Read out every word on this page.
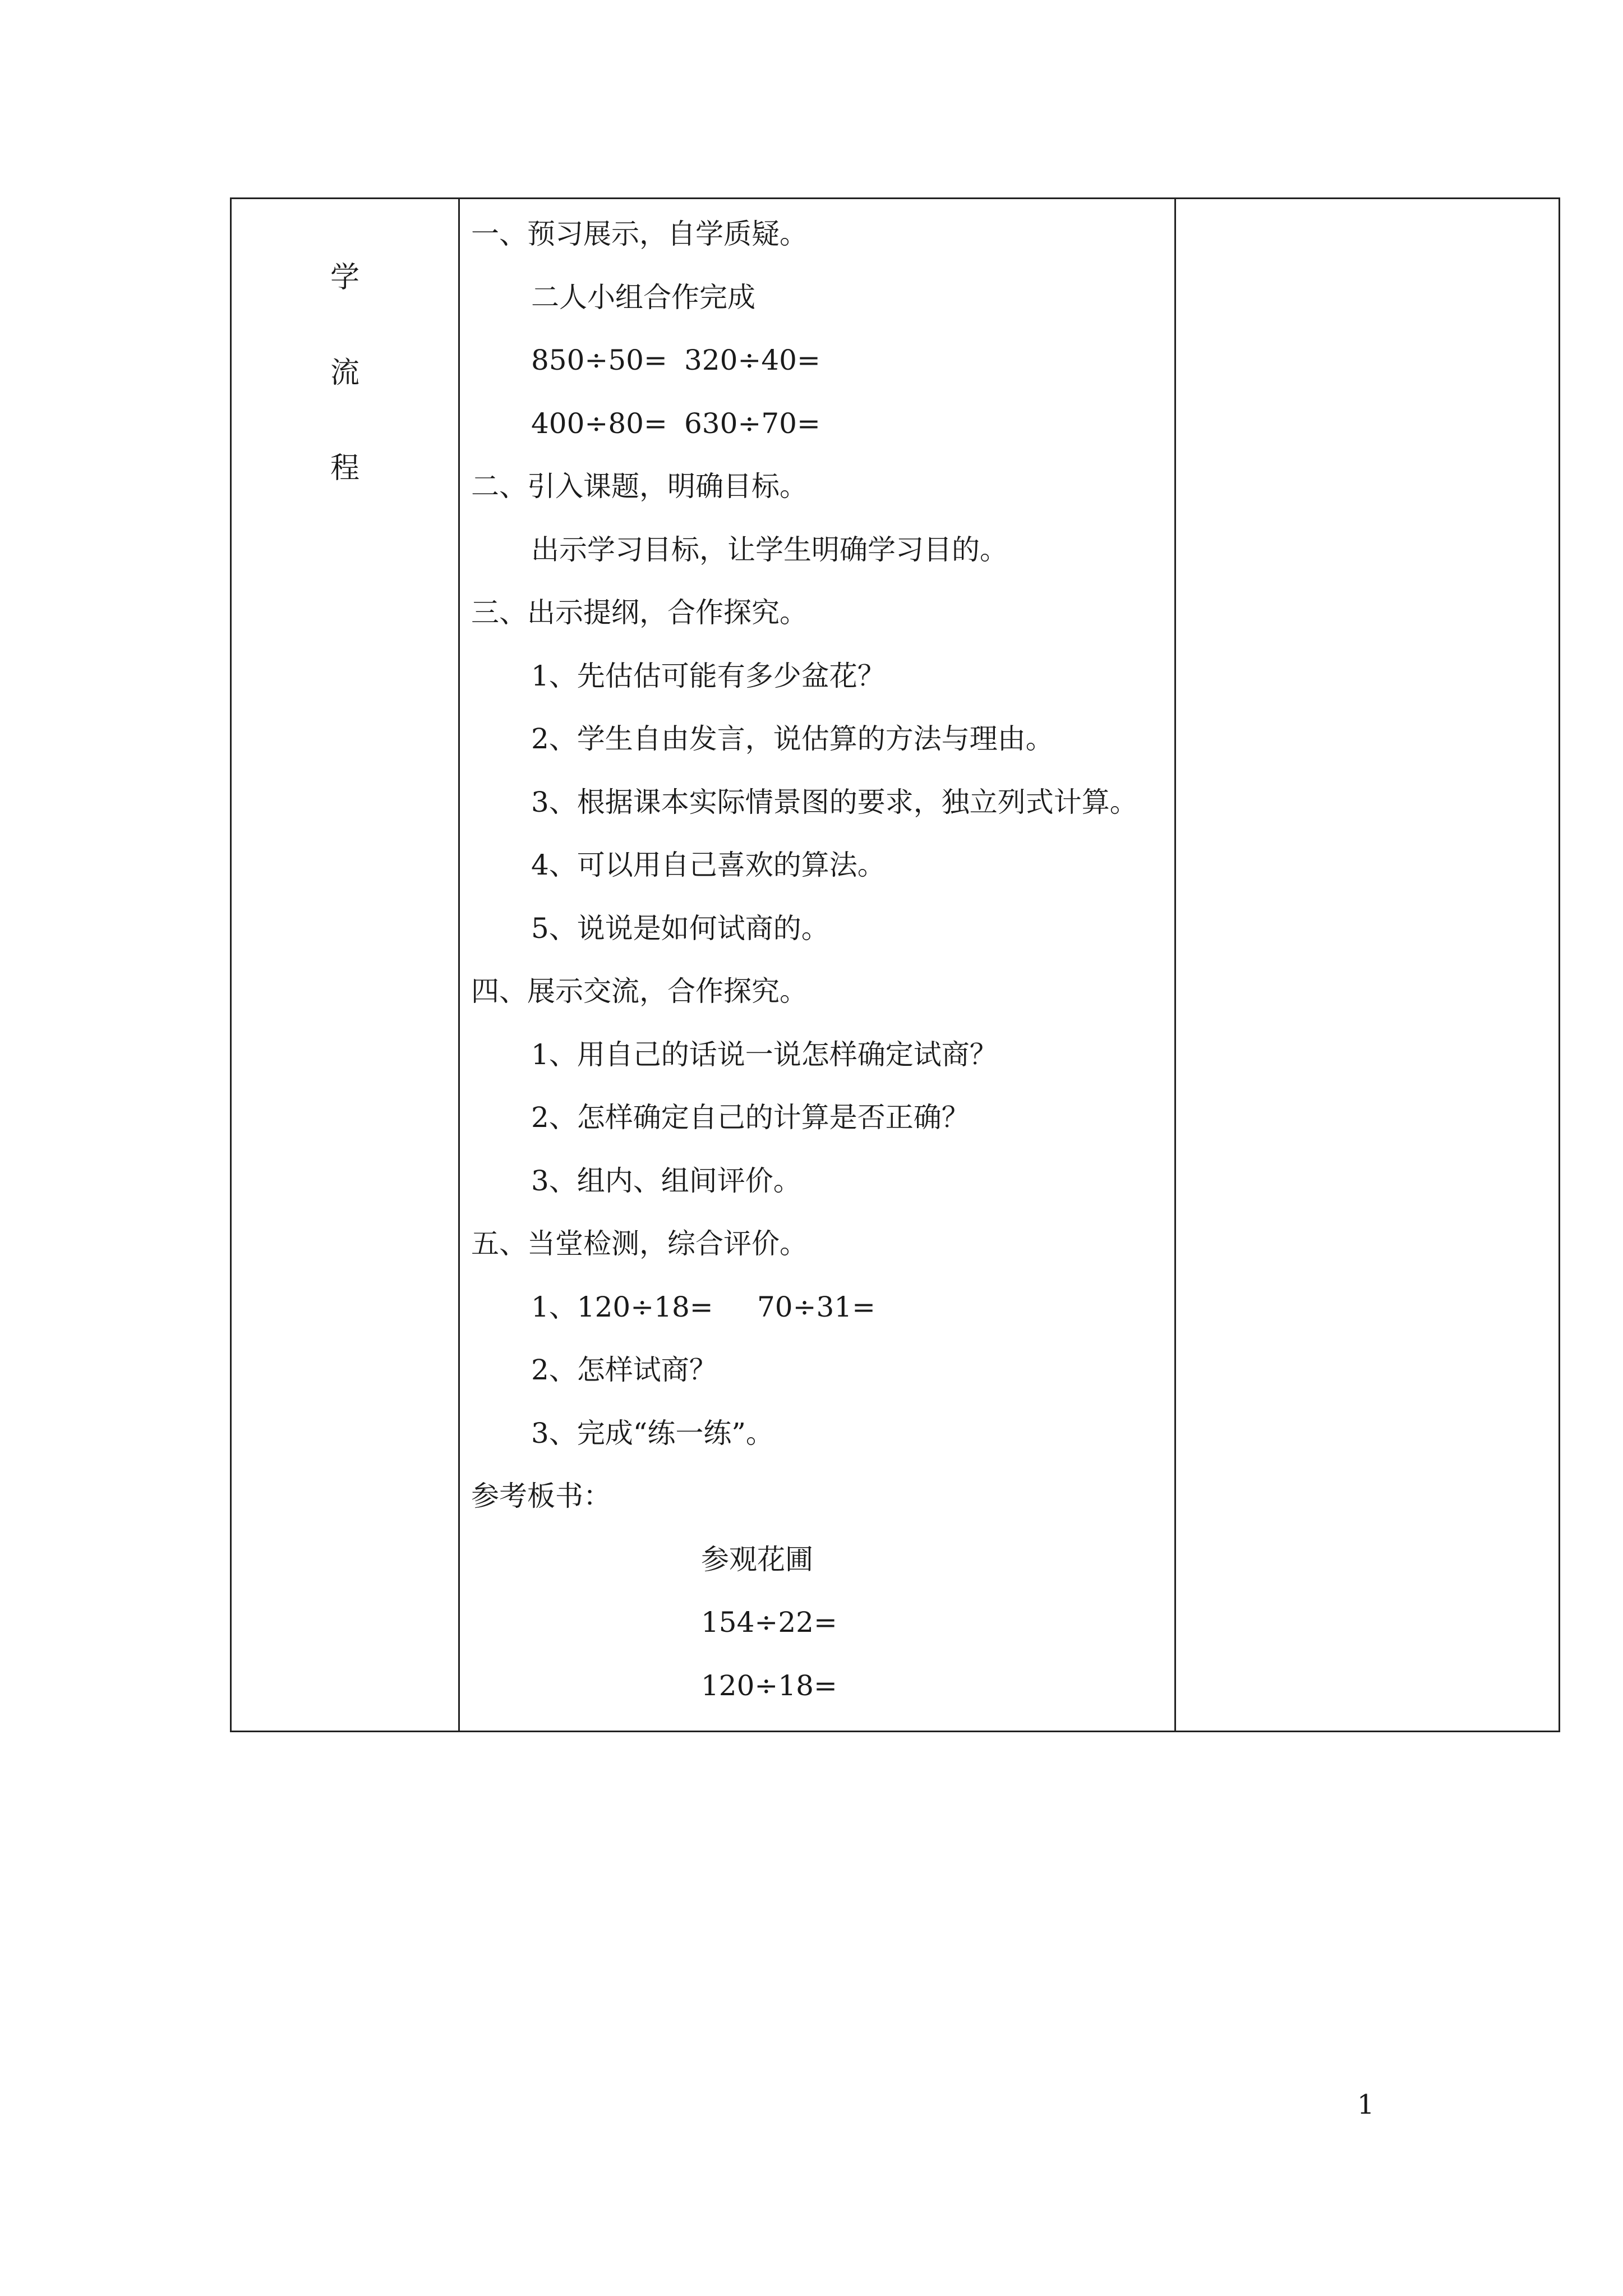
学
流
程
一、预习展示，自学质疑。
二人小组合作完成
850÷50= 320÷40=
400÷80= 630÷70=
二、引入课题，明确目标。
出示学习目标，让学生明确学习目的。
三、出示提纲，合作探究。
1、先估估可能有多少盆花？
2、学生自由发言，说估算的方法与理由。
3、根据课本实际情景图的要求，独立列式计算。
4、可以用自己喜欢的算法。
5、说说是如何试商的。
四、展示交流，合作探究。
1、用自己的话说一说怎样确定试商？
2、怎样确定自己的计算是否正确？
3、组内、组间评价。
五、当堂检测，综合评价。
1、120÷18= 70÷31=
2、怎样试商？
3、完成“练一练”。
参考板书：
参观花圃
154÷22=
120÷18=
1
